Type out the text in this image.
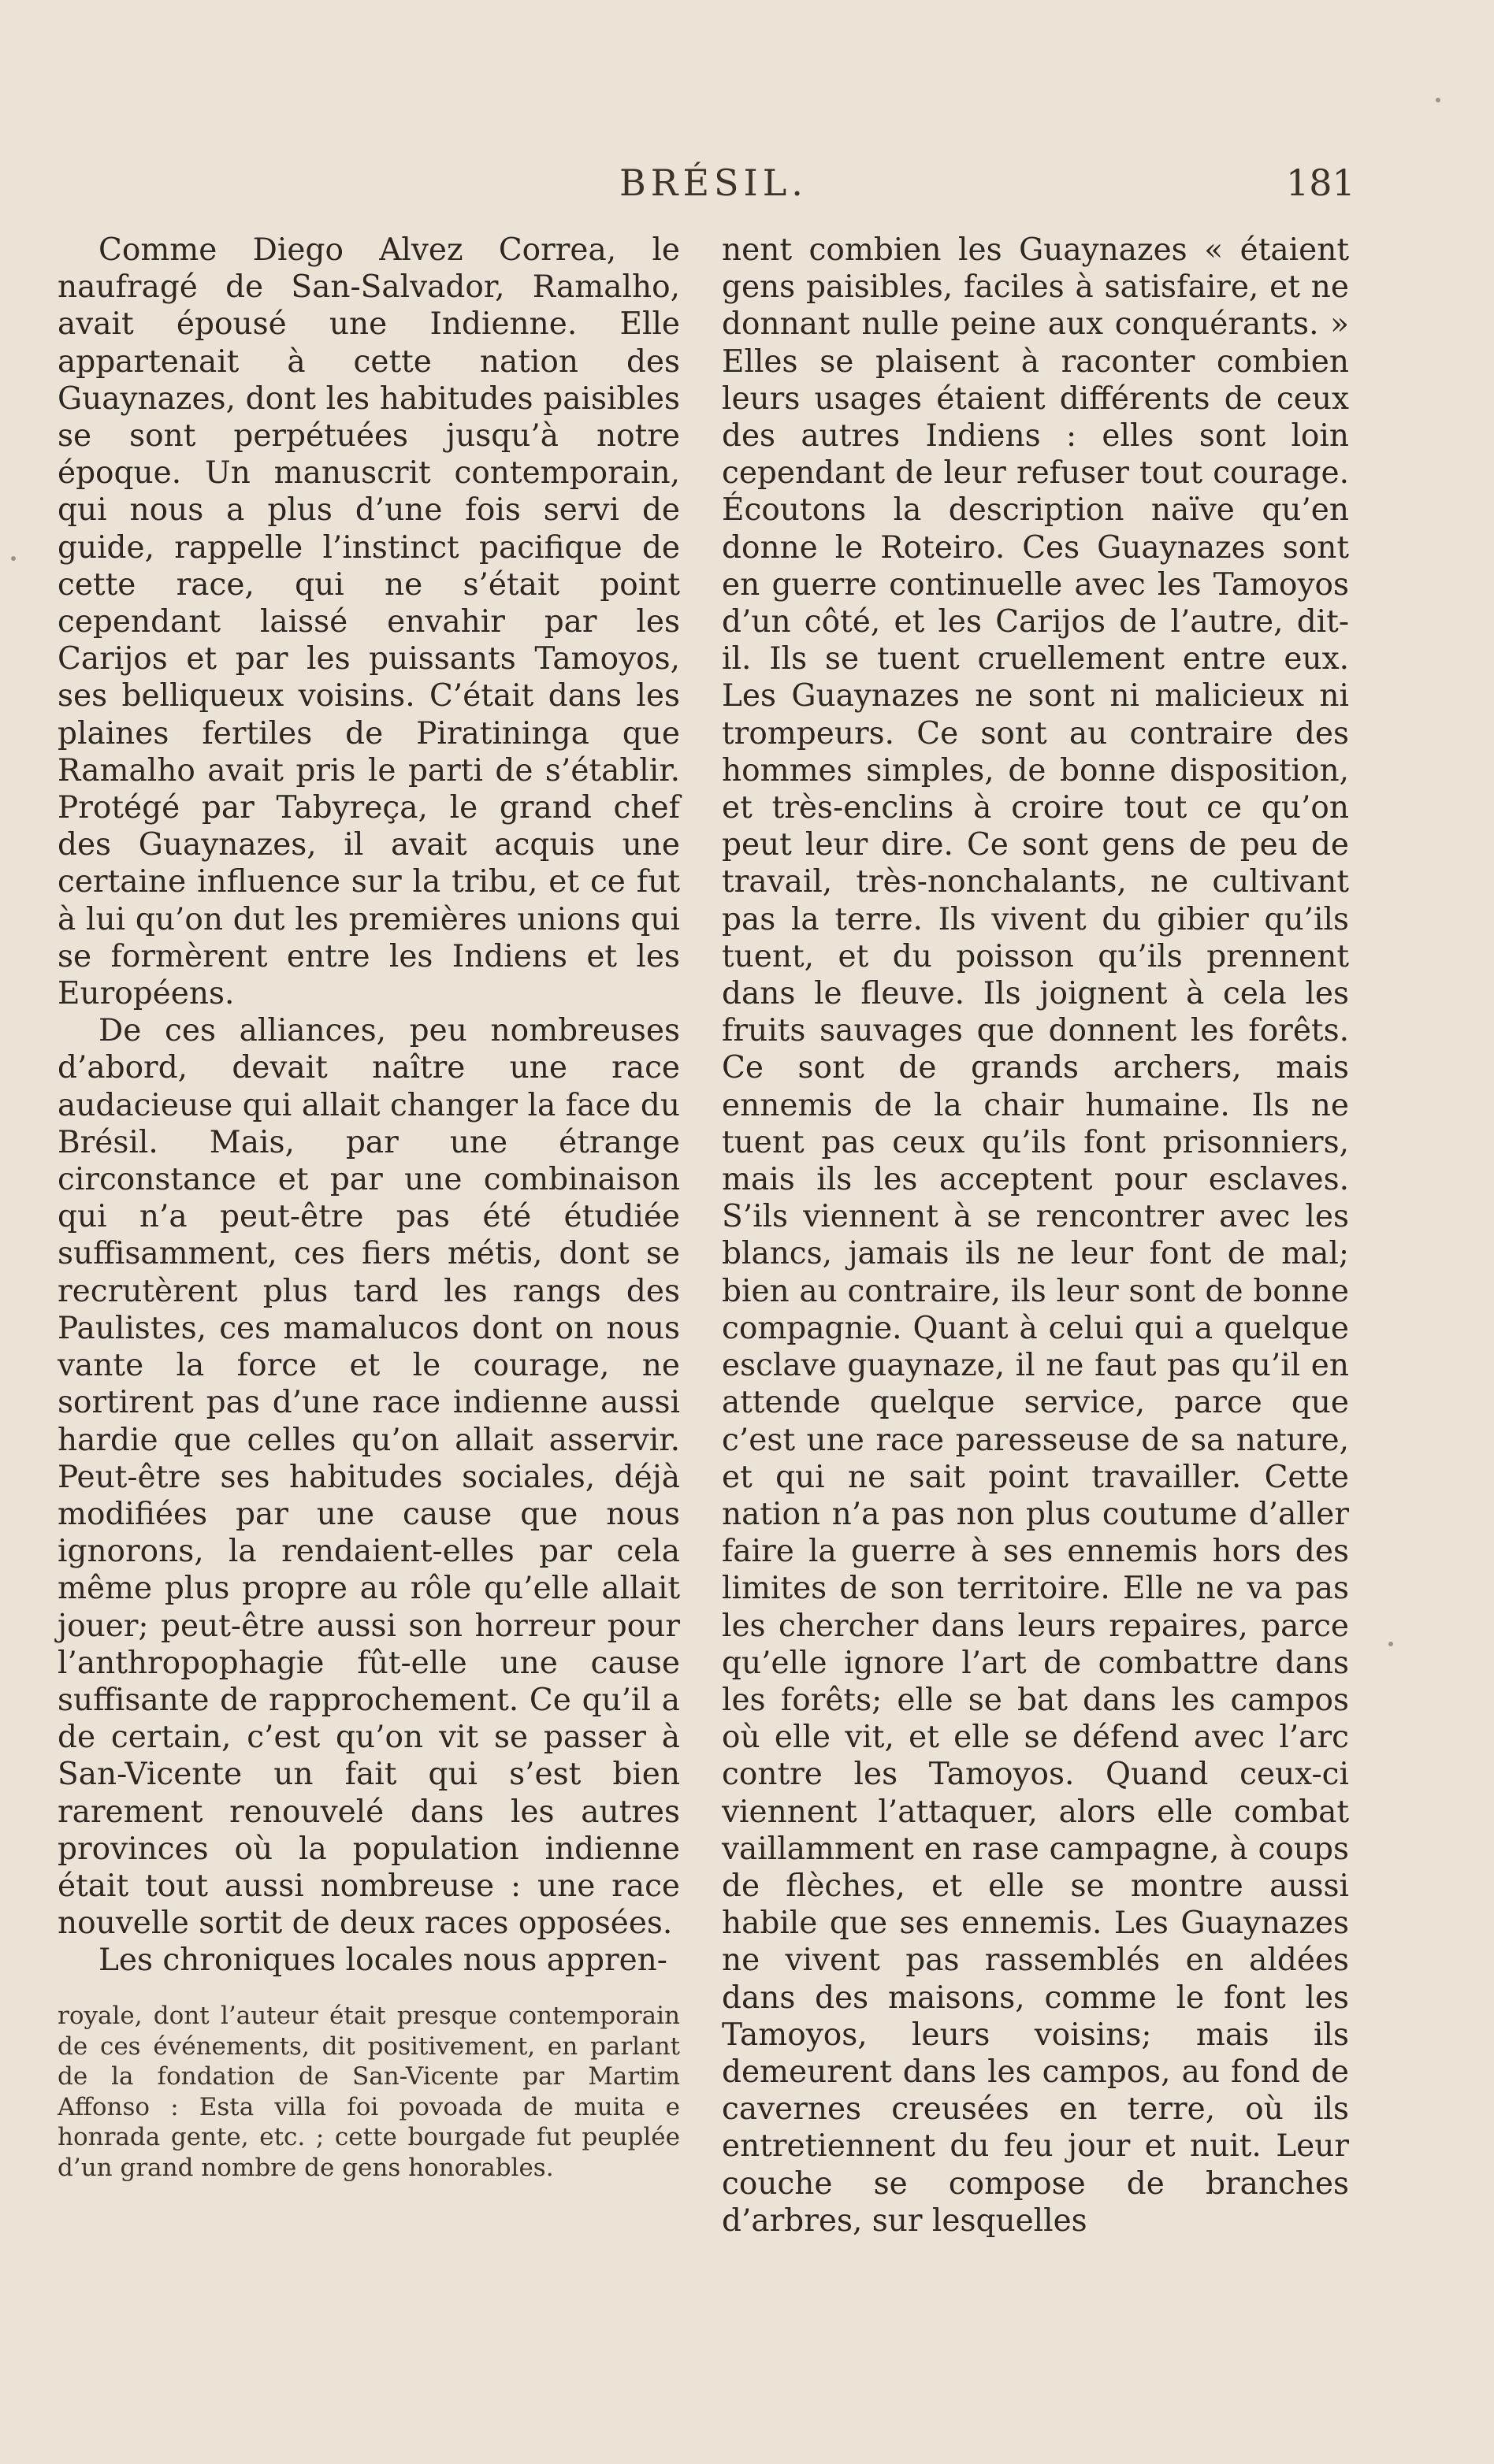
BRÉSIL.	181

Comme Diego Alvez Correa, le naufragé de San-Salvador, Ramalho, avait épousé une Indienne. Elle appartenait à cette nation des Guaynazes, dont les habitudes paisibles se sont perpétuées jusqu’à notre époque. Un manuscrit contemporain, qui nous a plus d’une fois servi de guide, rappelle l’instinct pacifique de cette race, qui ne s’était point cependant laissé envahir par les Carijos et par les puissants Tamoyos, ses belliqueux voisins. C’était dans les plaines fertiles de Piratininga que Ramalho avait pris le parti de s’établir. Protégé par Tabyreça, le grand chef des Guaynazes, il avait acquis une certaine influence sur la tribu, et ce fut à lui qu’on dut les premières unions qui se formèrent entre les Indiens et les Européens.

De ces alliances, peu nombreuses d’abord, devait naître une race audacieuse qui allait changer la face du Brésil. Mais, par une étrange circonstance et par une combinaison qui n’a peut-être pas été étudiée suffisamment, ces fiers métis, dont se recrutèrent plus tard les rangs des Paulistes, ces mamalucos dont on nous vante la force et le courage, ne sortirent pas d’une race indienne aussi hardie que celles qu’on allait asservir. Peut-être ses habitudes sociales, déjà modifiées par une cause que nous ignorons, la rendaient-elles par cela même plus propre au rôle qu’elle allait jouer; peut-être aussi son horreur pour l’anthropophagie fût-elle une cause suffisante de rapprochement. Ce qu’il a de certain, c’est qu’on vit se passer à San-Vicente un fait qui s’est bien rarement renouvelé dans les autres provinces où la population indienne était tout aussi nombreuse : une race nouvelle sortit de deux races opposées.

Les chroniques locales nous appren-

royale, dont l’auteur était presque contemporain de ces événements, dit positivement, en parlant de la fondation de San-Vicente par Martim Affonso : Esta villa foi povoada de muita e honrada gente, etc. ; cette bourgade fut peuplée d’un grand nombre de gens honorables.

nent combien les Guaynazes « étaient gens paisibles, faciles à satisfaire, et ne donnant nulle peine aux conquérants. » Elles se plaisent à raconter combien leurs usages étaient différents de ceux des autres Indiens : elles sont loin cependant de leur refuser tout courage. Écoutons la description naïve qu’en donne le Roteiro. Ces Guaynazes sont en guerre continuelle avec les Tamoyos d’un côté, et les Carijos de l’autre, dit-il. Ils se tuent cruellement entre eux. Les Guaynazes ne sont ni malicieux ni trompeurs. Ce sont au contraire des hommes simples, de bonne disposition, et très-enclins à croire tout ce qu’on peut leur dire. Ce sont gens de peu de travail, très-nonchalants, ne cultivant pas la terre. Ils vivent du gibier qu’ils tuent, et du poisson qu’ils prennent dans le fleuve. Ils joignent à cela les fruits sauvages que donnent les forêts. Ce sont de grands archers, mais ennemis de la chair humaine. Ils ne tuent pas ceux qu’ils font prisonniers, mais ils les acceptent pour esclaves. S’ils viennent à se rencontrer avec les blancs, jamais ils ne leur font de mal; bien au contraire, ils leur sont de bonne compagnie. Quant à celui qui a quelque esclave guaynaze, il ne faut pas qu’il en attende quelque service, parce que c’est une race paresseuse de sa nature, et qui ne sait point travailler. Cette nation n’a pas non plus coutume d’aller faire la guerre à ses ennemis hors des limites de son territoire. Elle ne va pas les chercher dans leurs repaires, parce qu’elle ignore l’art de combattre dans les forêts; elle se bat dans les campos où elle vit, et elle se défend avec l’arc contre les Tamoyos. Quand ceux-ci viennent l’attaquer, alors elle combat vaillamment en rase campagne, à coups de flèches, et elle se montre aussi habile que ses ennemis. Les Guaynazes ne vivent pas rassemblés en aldées dans des maisons, comme le font les Tamoyos, leurs voisins; mais ils demeurent dans les campos, au fond de cavernes creusées en terre, où ils entretiennent du feu jour et nuit. Leur couche se compose de branches d’arbres, sur lesquelles
